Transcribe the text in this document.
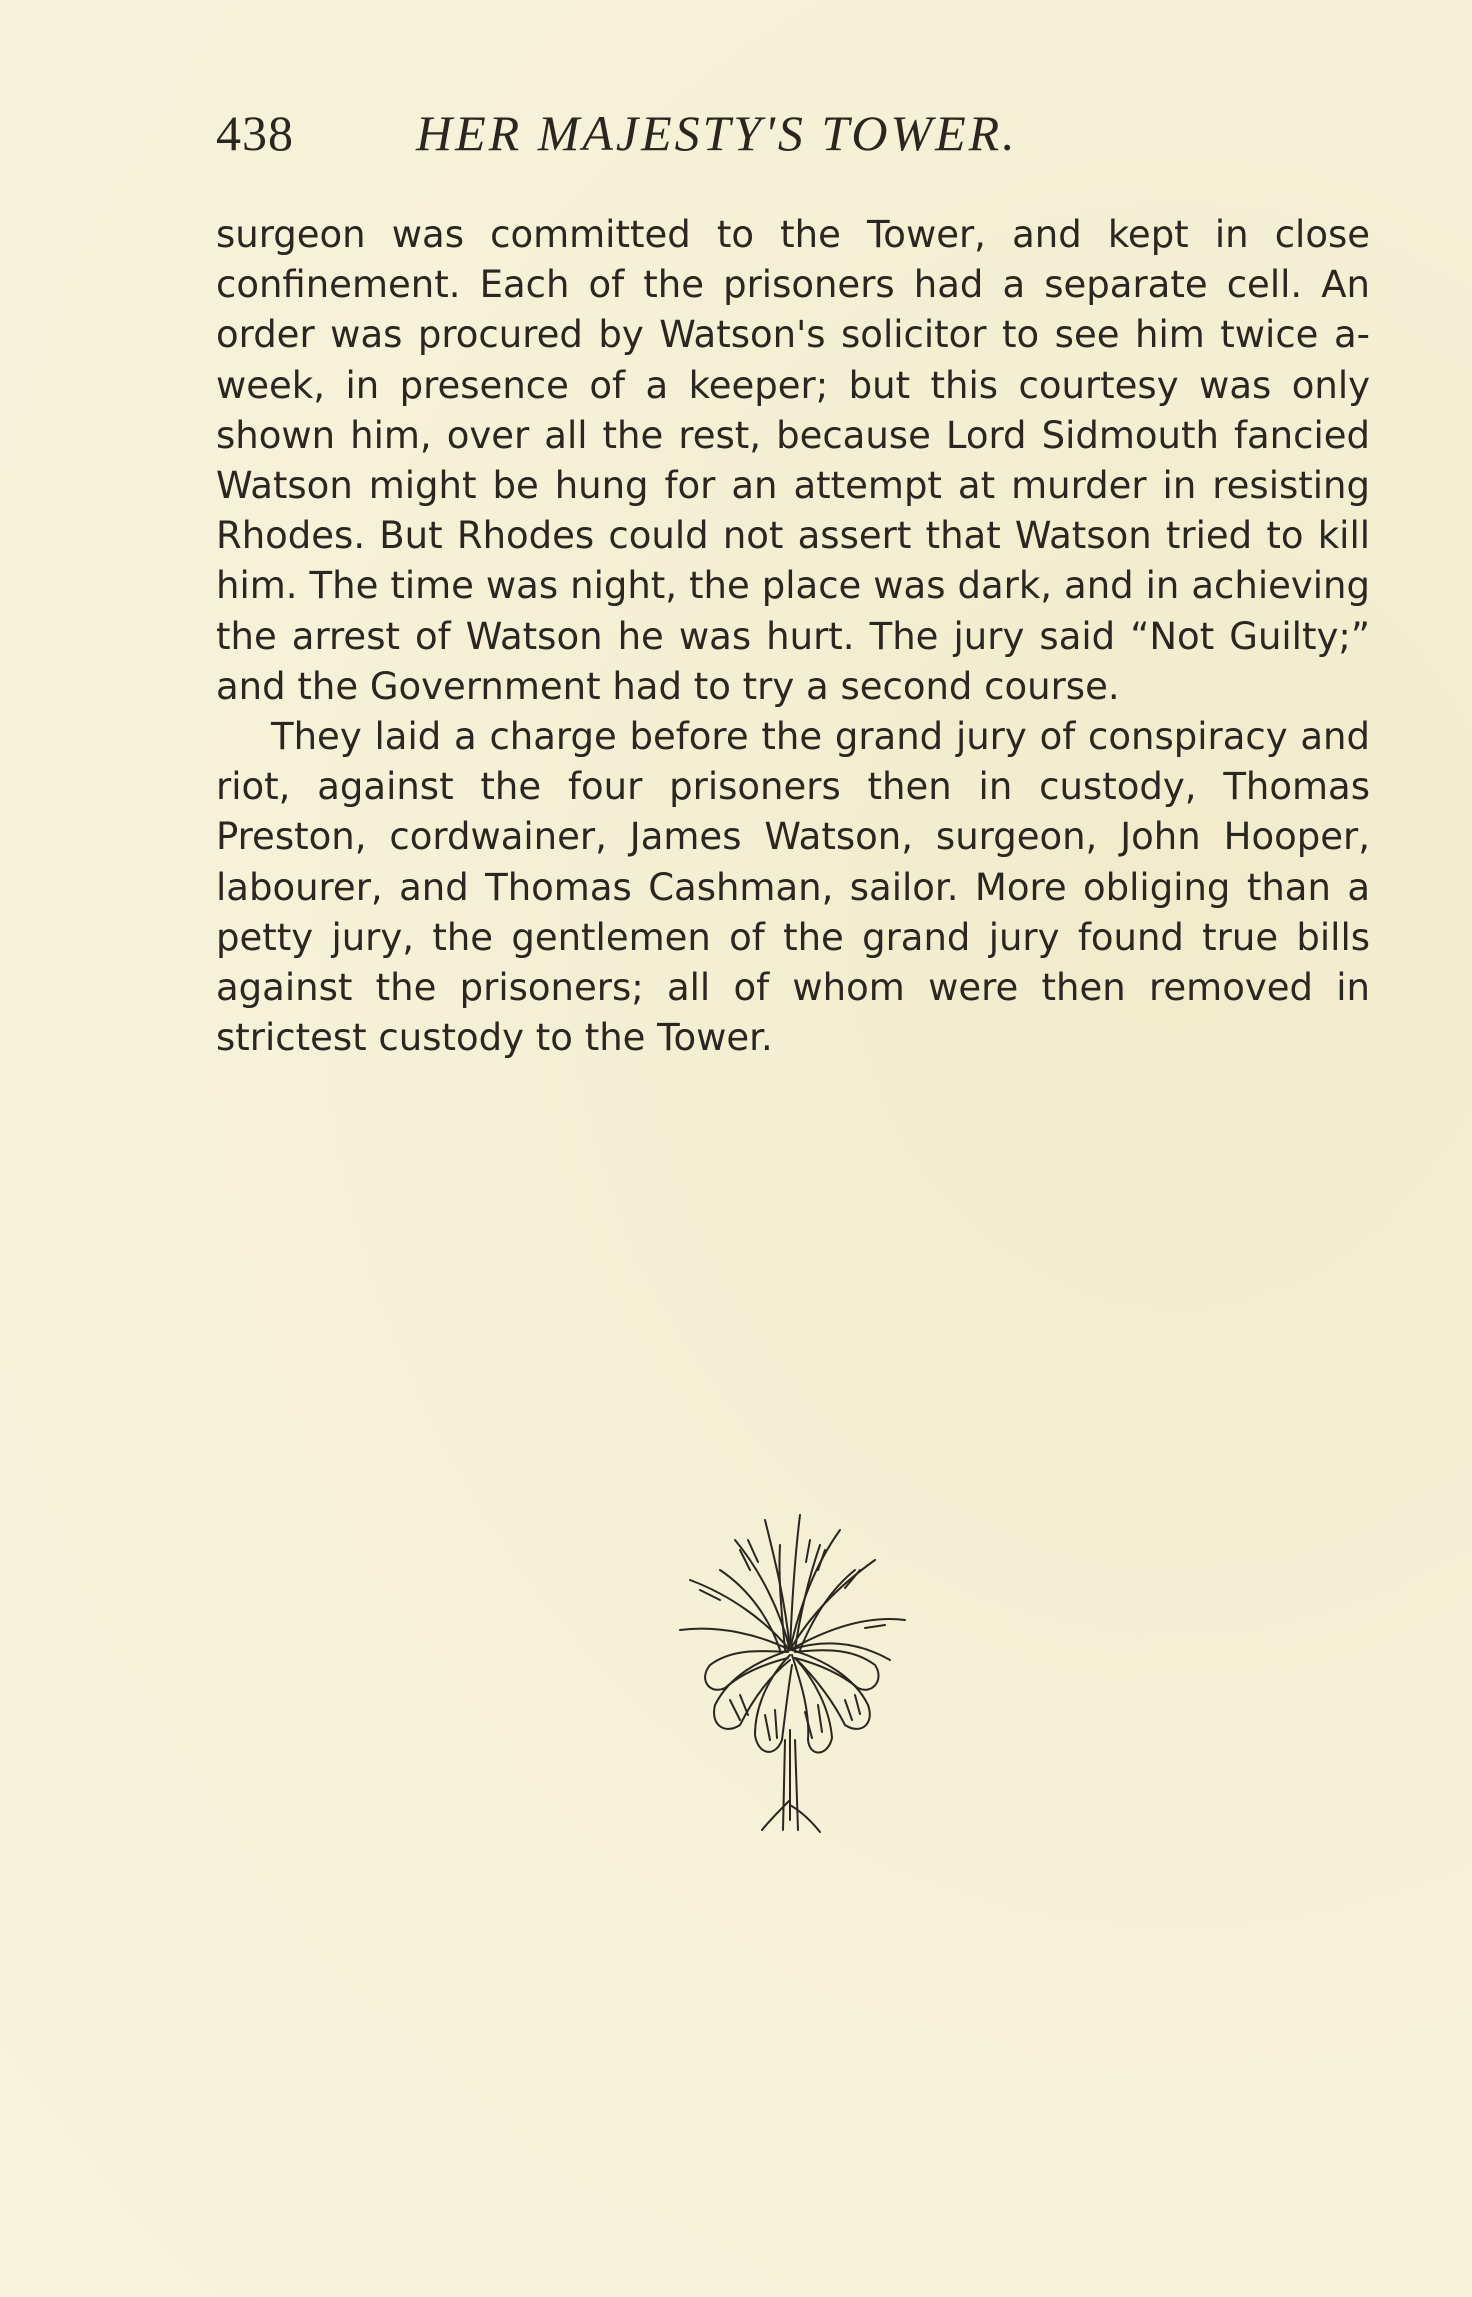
438 HER MAJESTY'S TOWER.

surgeon was committed to the Tower, and kept in close confinement. Each of the prisoners had a separate cell. An order was procured by Watson's solicitor to see him twice a-week, in presence of a keeper; but this courtesy was only shown him, over all the rest, because Lord Sidmouth fancied Watson might be hung for an attempt at murder in resisting Rhodes. But Rhodes could not assert that Watson tried to kill him. The time was night, the place was dark, and in achieving the arrest of Watson he was hurt. The jury said “Not Guilty;” and the Government had to try a second course.

They laid a charge before the grand jury of conspiracy and riot, against the four prisoners then in custody, Thomas Preston, cordwainer, James Watson, surgeon, John Hooper, labourer, and Thomas Cashman, sailor. More obliging than a petty jury, the gentlemen of the grand jury found true bills against the prisoners; all of whom were then removed in strictest custody to the Tower.
